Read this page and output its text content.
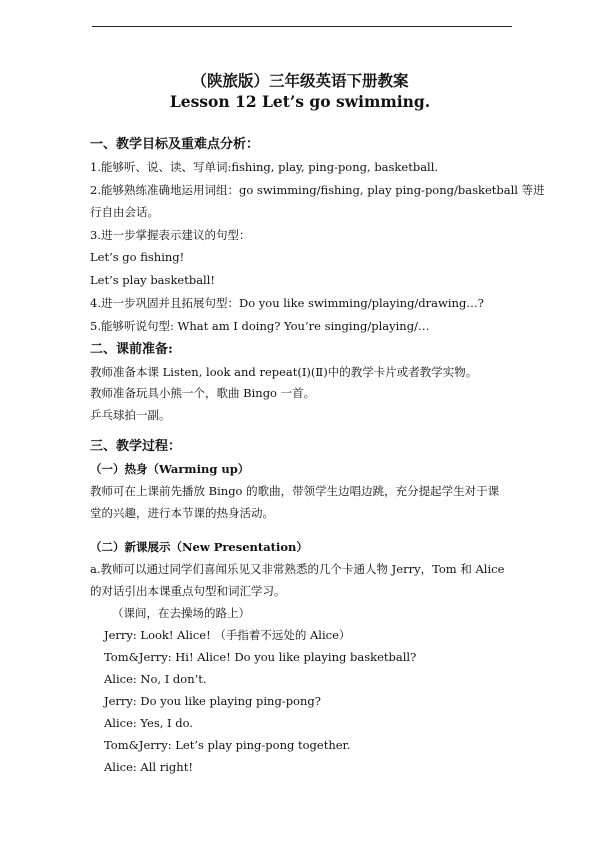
（陕旅版）三年级英语下册教案
Lesson 12 Let’s go swimming.
一、教学目标及重难点分析：
1.能够听、说、读、写单词:fishing, play, ping-pong, basketball.
2.能够熟练准确地运用词组：go swimming/fishing, play ping-pong/basketball 等进
行自由会话。
3.进一步掌握表示建议的句型：
Let’s go fishing!
Let’s play basketball!
4.进一步巩固并且拓展句型：Do you like swimming/playing/drawing…?
5.能够听说句型: What am I doing? You’re singing/playing/…
二、课前准备:
教师准备本课 Listen, look and repeat(Ⅰ)(Ⅱ)中的教学卡片或者教学实物。
教师准备玩具小熊一个，歌曲 Bingo 一首。
乒乓球拍一副。
三、教学过程：
（一）热身（Warming up）
教师可在上课前先播放 Bingo 的歌曲，带领学生边唱边跳，充分提起学生对于课
堂的兴趣，进行本节课的热身活动。
（二）新课展示（New Presentation）
a.教师可以通过同学们喜闻乐见又非常熟悉的几个卡通人物 Jerry，Tom 和 Alice
的对话引出本课重点句型和词汇学习。
（课间，在去操场的路上）
Jerry: Look! Alice! （手指着不远处的 Alice）
Tom&Jerry: Hi! Alice! Do you like playing basketball?
Alice: No, I don’t.
Jerry: Do you like playing ping-pong?
Alice: Yes, I do.
Tom&Jerry: Let’s play ping-pong together.
Alice: All right!
